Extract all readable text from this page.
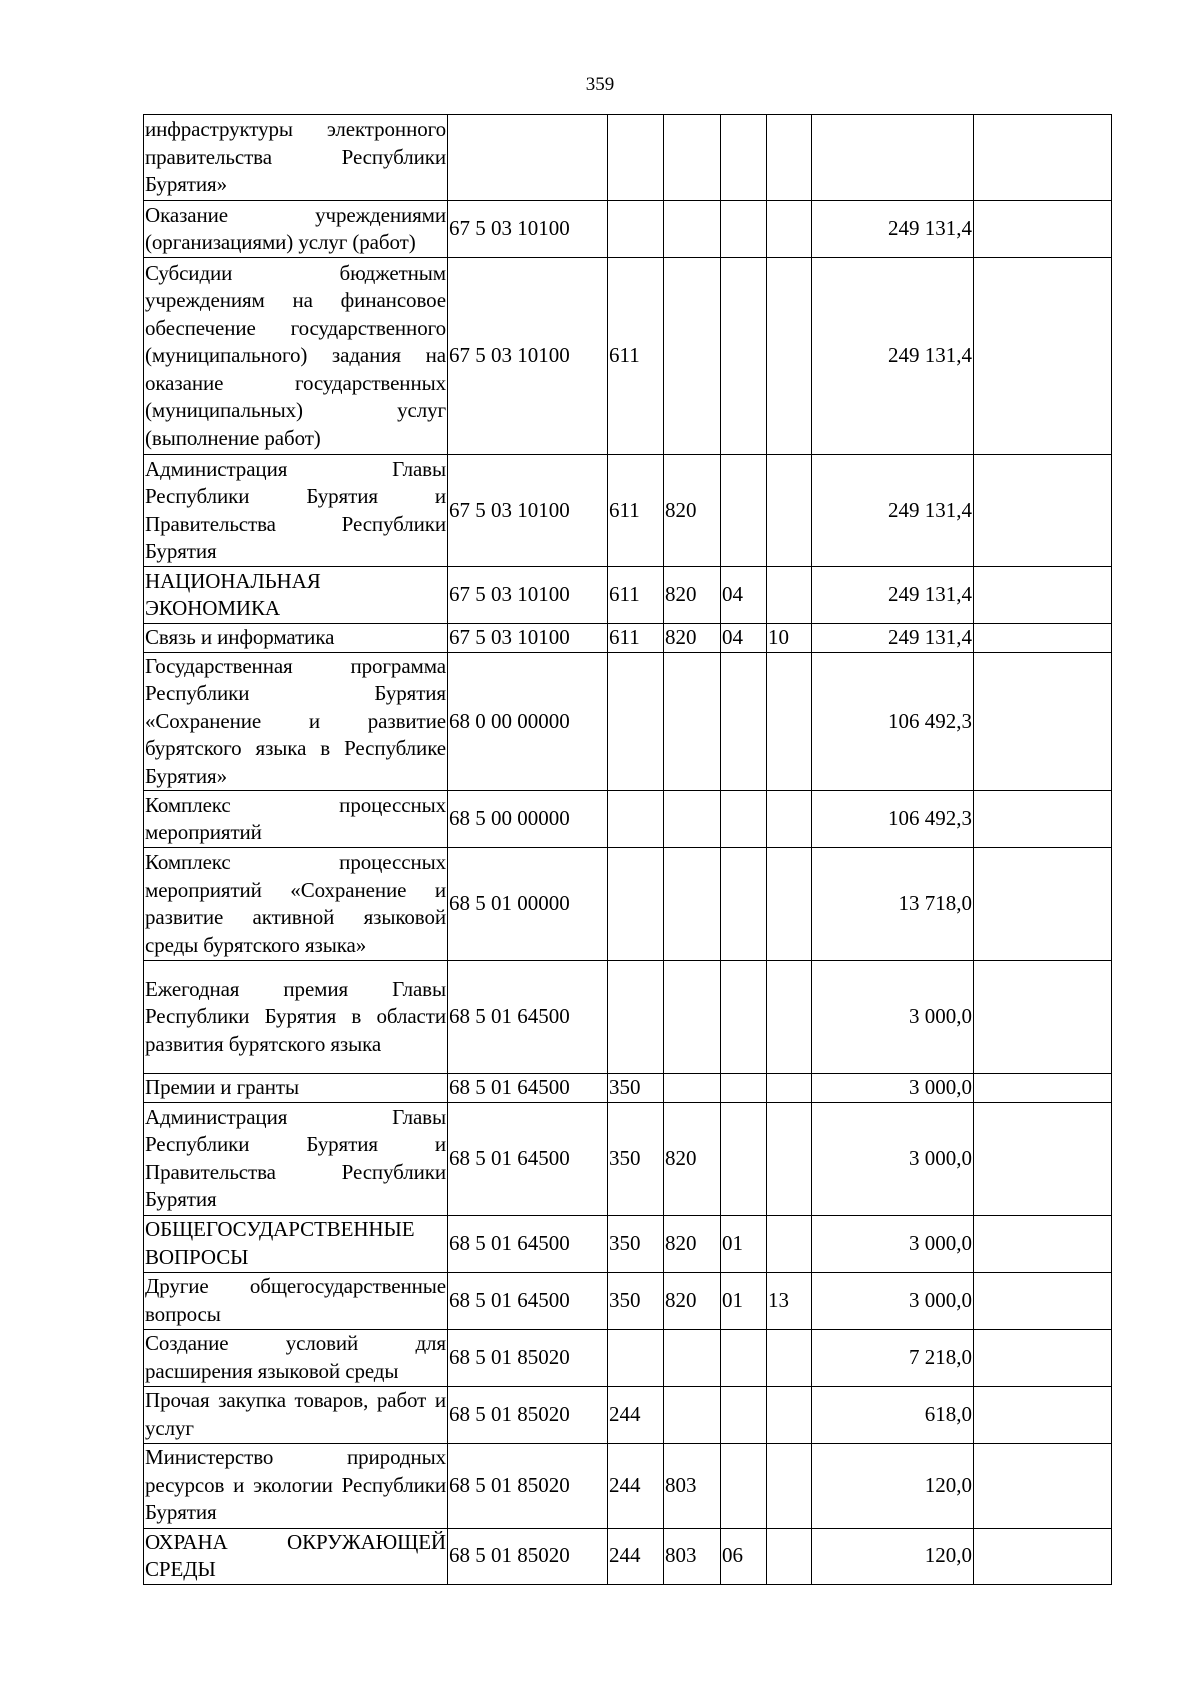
359
инфраструктуры электронного правительства Республики Бурятия»							
Оказание учреждениями (организациями) услуг (работ)	67 5 03 10100					249 131,4	
Субсидии бюджетным учреждениям на финансовое обеспечение государственного (муниципального) задания на оказание государственных (муниципальных) услуг (выполнение работ)	67 5 03 10100	611				249 131,4	
Администрация Главы Республики Бурятия и Правительства Республики Бурятия	67 5 03 10100	611	820			249 131,4	
НАЦИОНАЛЬНАЯ ЭКОНОМИКА	67 5 03 10100	611	820	04		249 131,4	
Связь и информатика	67 5 03 10100	611	820	04	10	249 131,4	
Государственная программа Республики Бурятия «Сохранение и развитие бурятского языка в Республике Бурятия»	68 0 00 00000					106 492,3	
Комплекс процессных мероприятий	68 5 00 00000					106 492,3	
Комплекс процессных мероприятий «Сохранение и развитие активной языковой среды бурятского языка»	68 5 01 00000					13 718,0	
Ежегодная премия Главы Республики Бурятия в области развития бурятского языка	68 5 01 64500					3 000,0	
Премии и гранты	68 5 01 64500	350				3 000,0	
Администрация Главы Республики Бурятия и Правительства Республики Бурятия	68 5 01 64500	350	820			3 000,0	
ОБЩЕГОСУДАРСТВЕННЫЕ ВОПРОСЫ	68 5 01 64500	350	820	01		3 000,0	
Другие общегосударственные вопросы	68 5 01 64500	350	820	01	13	3 000,0	
Создание условий для расширения языковой среды	68 5 01 85020					7 218,0	
Прочая закупка товаров, работ и услуг	68 5 01 85020	244				618,0	
Министерство природных ресурсов и экологии Республики Бурятия	68 5 01 85020	244	803			120,0	
ОХРАНА ОКРУЖАЮЩЕЙ СРЕДЫ	68 5 01 85020	244	803	06		120,0	
